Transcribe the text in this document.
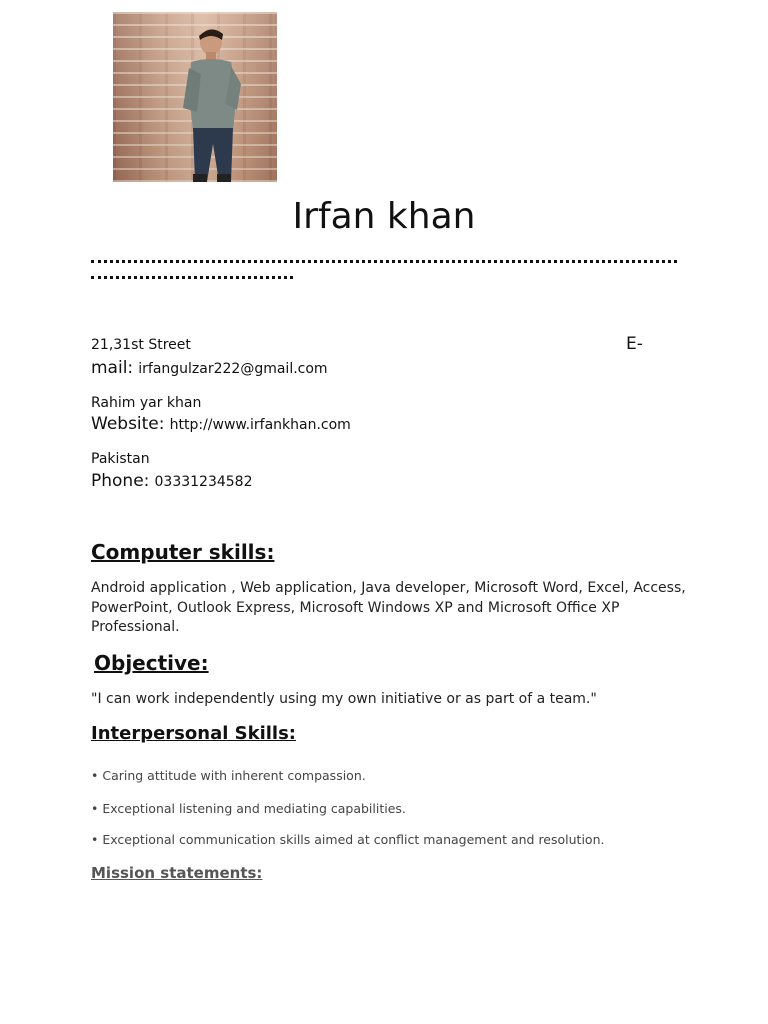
Irfan khan
21,31st Street	E-
mail: irfangulzar222@gmail.com
Rahim yar khan
Website: http://www.irfankhan.com
Pakistan
Phone: 03331234582
Computer skills:
Android application , Web application, Java developer, Microsoft Word, Excel, Access, PowerPoint, Outlook Express, Microsoft Windows XP and Microsoft Office XP Professional.
Objective:
"I can work independently using my own initiative or as part of a team."
Interpersonal Skills:
• Caring attitude with inherent compassion.
• Exceptional listening and mediating capabilities.
• Exceptional communication skills aimed at conflict management and resolution.
Mission statements:
